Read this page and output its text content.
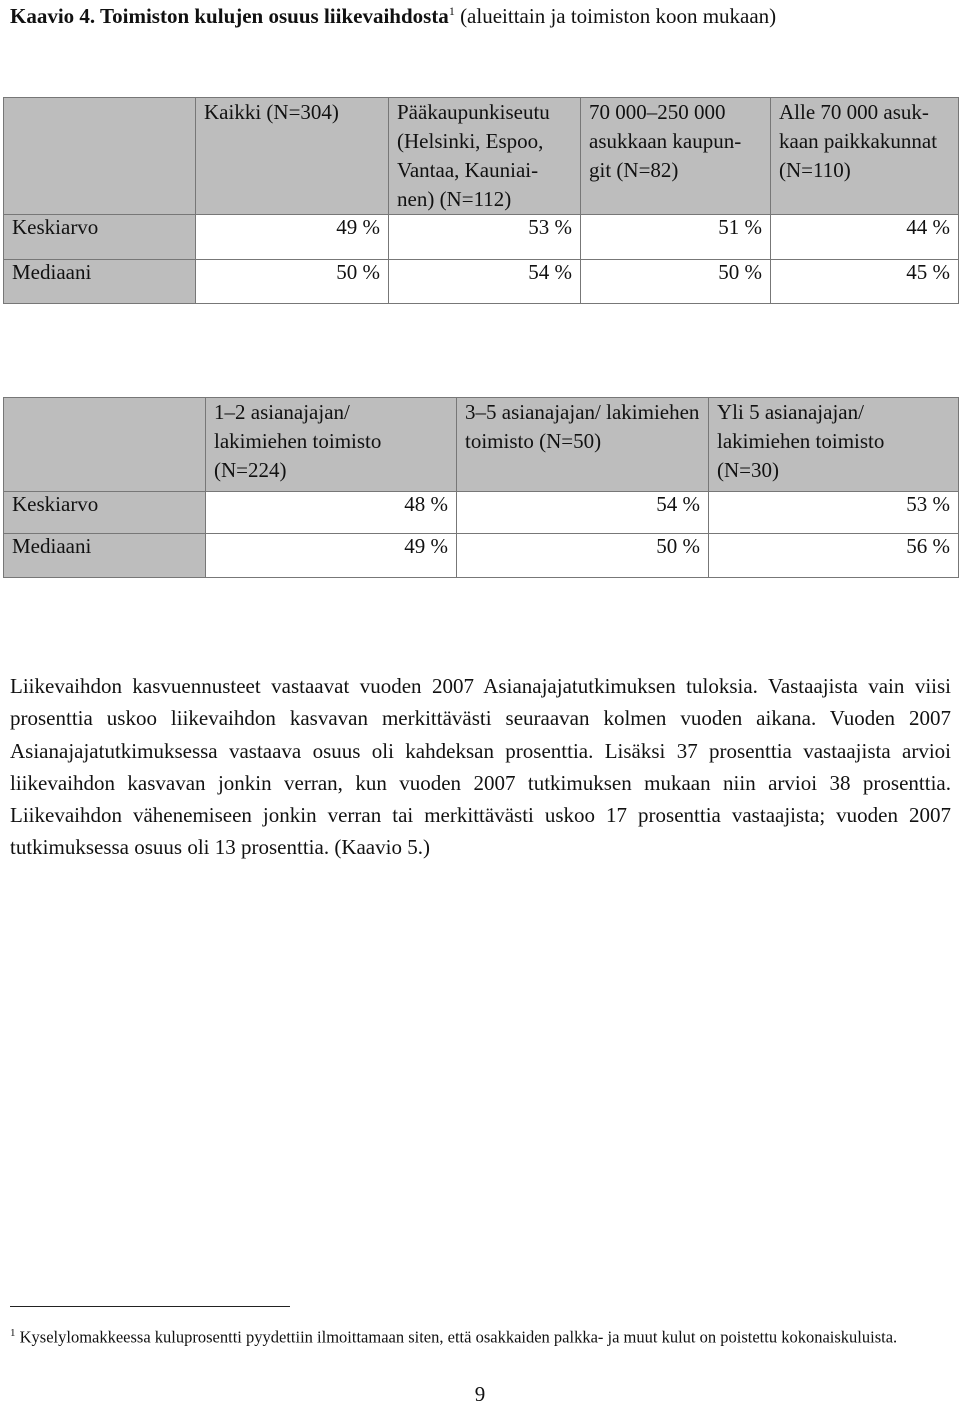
Kaavio 4. Toimiston kulujen osuus liikevaihdosta$^1$ (alueittain ja toimiston koon mukaan)
	Kaikki (N=304)	Pääkaupunkiseutu (Helsinki, Espoo, Vantaa, Kauniai-nen) (N=112)	70 000–250 000 asukkaan kaupun-git (N=82)	Alle 70 000 asuk-kaan paikkakunnat (N=110)
Keskiarvo	49 %	53 %	51 %	44 %
Mediaani	50 %	54 %	50 %	45 %
	1–2 asianajajan/ lakimiehen toimisto (N=224)	3–5 asianajajan/ lakimiehen toimisto (N=50)	Yli 5 asianajajan/ lakimiehen toimisto (N=30)
Keskiarvo	48 %	54 %	53 %
Mediaani	49 %	50 %	56 %
Liikevaihdon kasvuennusteet vastaavat vuoden 2007 Asianajajatutkimuksen tuloksia. Vastaajista vain viisi prosenttia uskoo liikevaihdon kasvavan merkittävästi seuraavan kolmen vuoden aikana. Vuoden 2007 Asianajajatutkimuksessa vastaava osuus oli kahdeksan prosenttia. Lisäksi 37 prosenttia vastaajista arvioi liikevaihdon kasvavan jonkin verran, kun vuoden 2007 tutkimuksen mukaan niin arvioi 38 prosenttia. Liikevaihdon vähenemiseen jonkin verran tai merkittävästi uskoo 17 prosenttia vastaajista; vuoden 2007 tutkimuksessa osuus oli 13 prosenttia. (Kaavio 5.)
$^1$ Kyselylomakkeessa kuluprosentti pyydettiin ilmoittamaan siten, että osakkaiden palkka- ja muut kulut on poistettu kokonaiskuluista.
9
